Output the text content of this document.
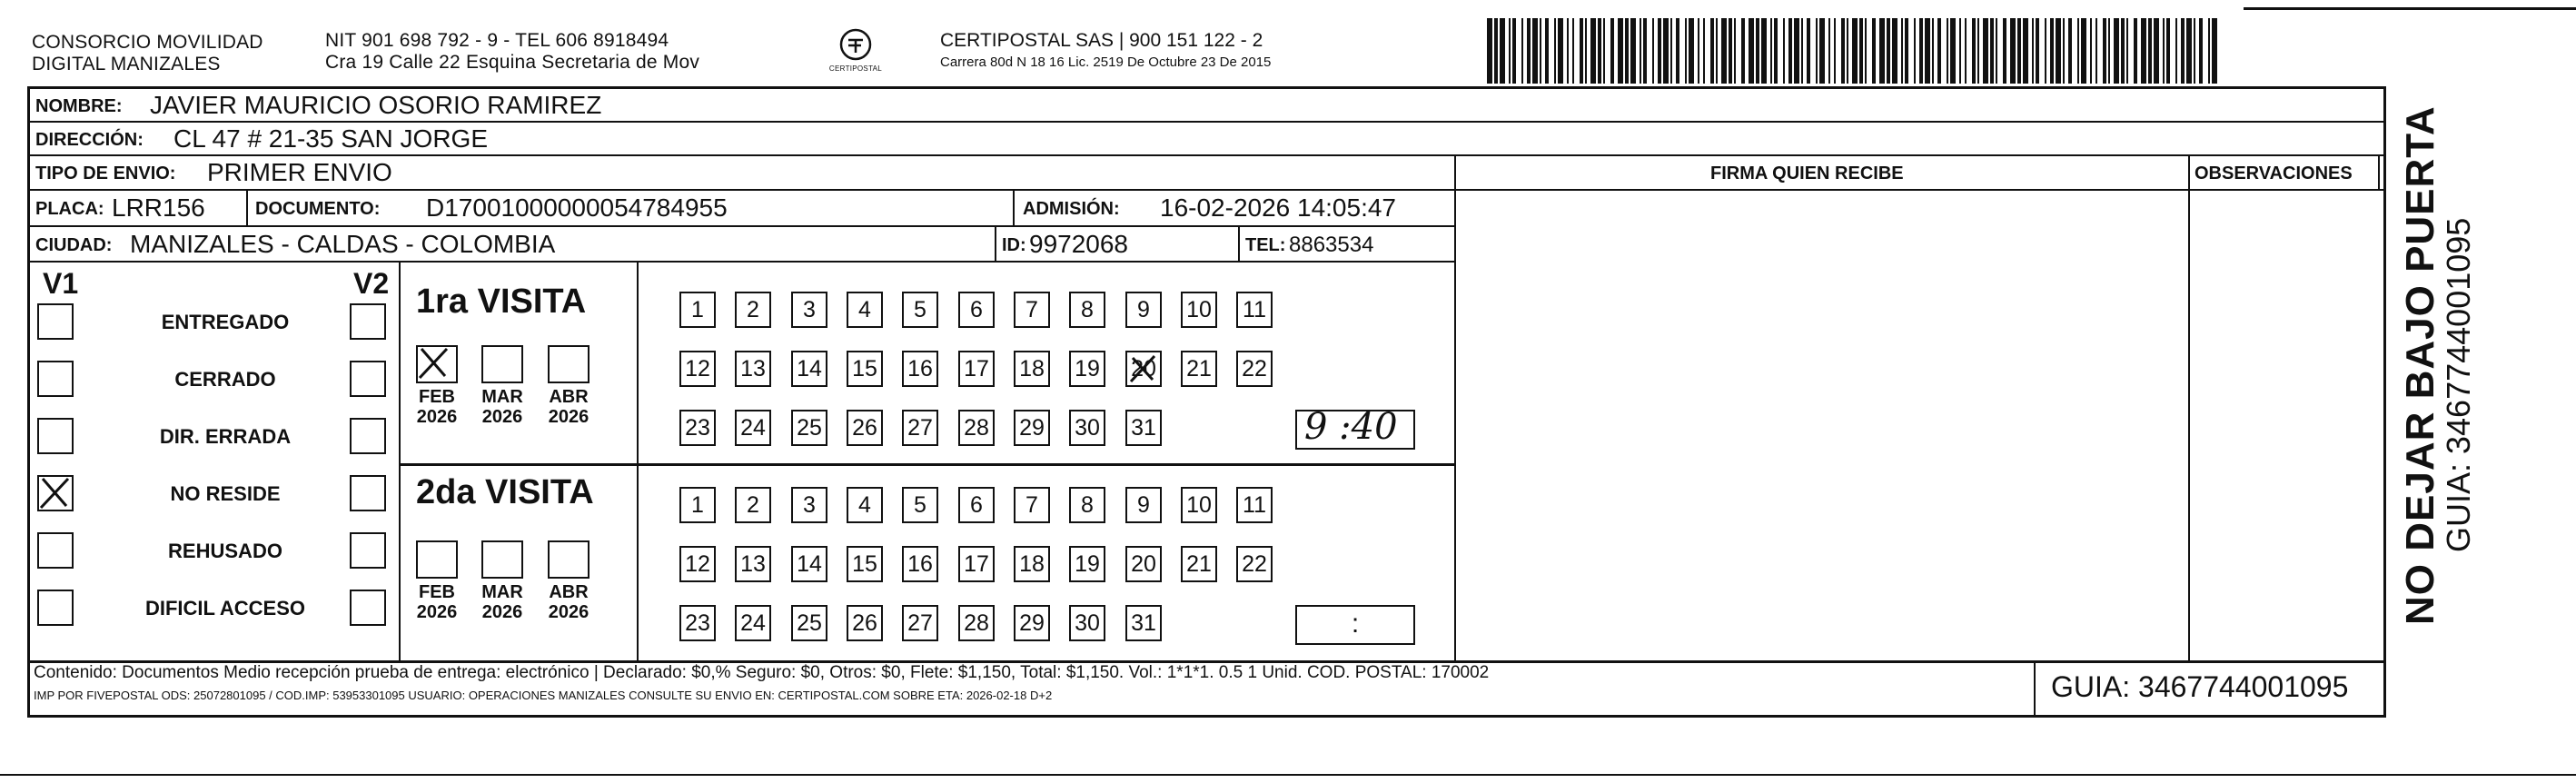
CONSORCIO MOVILIDAD
DIGITAL MANIZALES
NIT 901 698 792 - 9 - TEL 606 8918494
Cra 19 Calle 22 Esquina Secretaria de Mov	CERTIPOSTAL
CERTIPOSTAL SAS | 900 151 122 - 2
Carrera 80d N 18 16 Lic. 2519 De Octubre 23 De 2015
NOMBRE: JAVIER MAURICIO OSORIO RAMIREZ
DIRECCIÓN: CL 47 # 21-35 SAN JORGE
TIPO DE ENVIO: PRIMER ENVIO	FIRMA QUIEN RECIBE	OBSERVACIONES
PLACA: LRR156	DOCUMENTO: D17001000000054784955	ADMISIÓN: 16-02-2026 14:05:47
CIUDAD: MANIZALES - CALDAS - COLOMBIA	ID: 9972068	TEL: 8863534
V1	V2
ENTREGADO
CERRADO
DIR. ERRADA
NO RESIDE
REHUSADO
DIFICIL ACCESO
1ra VISITA
2da VISITA
FEB
2026
MAR
2026
ABR
2026
FEB
2026
MAR
2026
ABR
2026
1	2	3	4	5	6	7	8	9	10 11
12 13 14 15 16 17 18 19 20 21 22
23 24 25 26 27 28 29 30 31
1	2	3	4	5	6	7	8	9	10 11
12 13 14 15 16 17 18 19 20 21 22
23 24 25 26 27 28 29 30 31
9 :40
:
Contenido: Documentos Medio recepción prueba de entrega: electrónico | Declarado: $0,% Seguro: $0, Otros: $0, Flete: $1,150, Total: $1,150. Vol.: 1*1*1. 0.5 1 Unid. COD. POSTAL: 170002
IMP POR FIVEPOSTAL ODS: 25072801095 / COD.IMP: 53953301095 USUARIO: OPERACIONES MANIZALES CONSULTE SU ENVIO EN: CERTIPOSTAL.COM SOBRE ETA: 2026-02-18 D+2	GUIA: 3467744001095
NO DEJAR BAJO PUERTA
GUIA: 3467744001095
